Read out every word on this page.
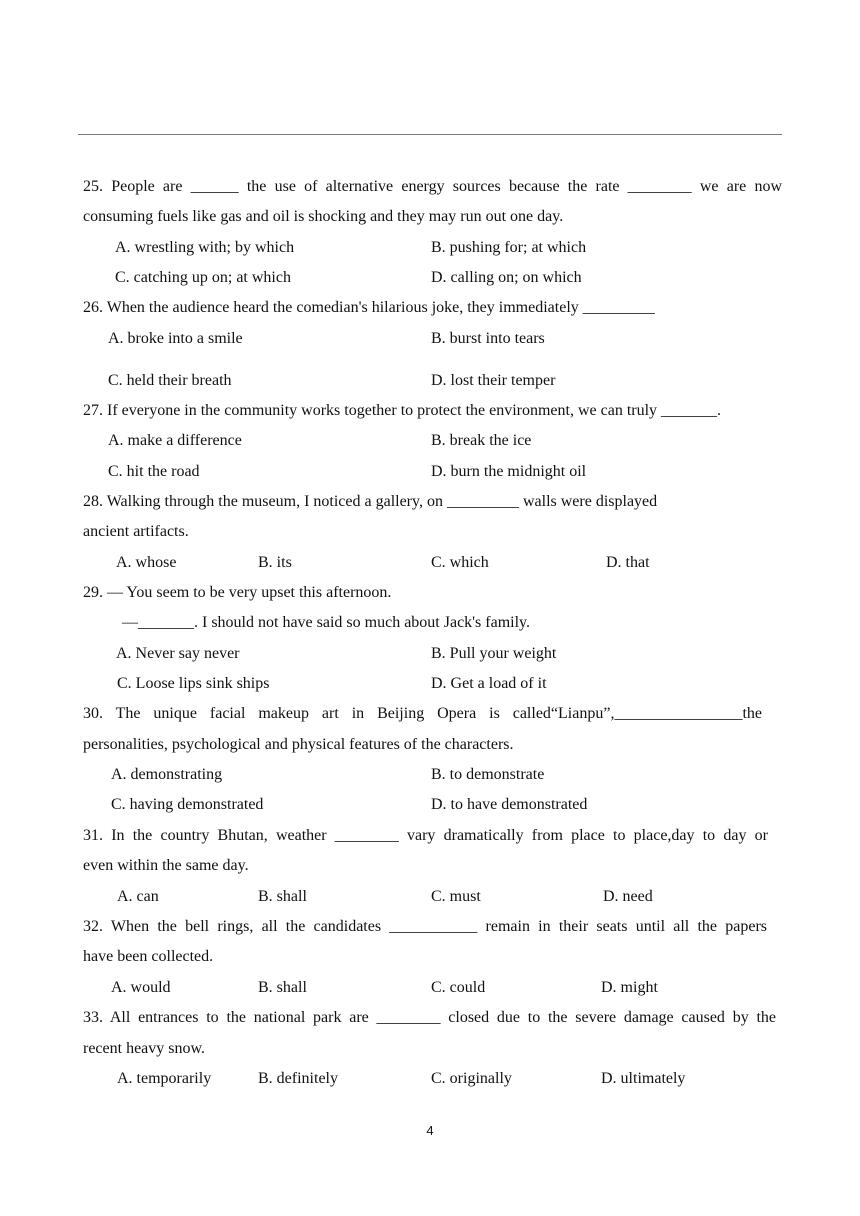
25. People are ______ the use of alternative energy sources because the rate ________ we are now
consuming fuels like gas and oil is shocking and they may run out one day.
A. wrestling with; by which	B. pushing for; at which
C. catching up on; at which	D. calling on; on which
26. When the audience heard the comedian's hilarious joke, they immediately _________
A. broke into a smile	B. burst into tears
C. held their breath	D. lost their temper
27. If everyone in the community works together to protect the environment, we can truly _______.
A. make a difference	B. break the ice
C. hit the road	D. burn the midnight oil
28. Walking through the museum, I noticed a gallery, on _________ walls were displayed
ancient artifacts.
A. whose	B. its	C. which	D. that
29. — You seem to be very upset this afternoon.
—_______. I should not have said so much about Jack's family.
A. Never say never	B. Pull your weight
C. Loose lips sink ships	D. Get a load of it
30. The unique facial makeup art in Beijing Opera is called“Lianpu”,________________the
personalities, psychological and physical features of the characters.
A. demonstrating	B. to demonstrate
C. having demonstrated	D. to have demonstrated
31. In the country Bhutan, weather ________ vary dramatically from place to place,day to day or
even within the same day.
A. can	B. shall	C. must	D. need
32. When the bell rings, all the candidates ___________ remain in their seats until all the papers
have been collected.
A. would	B. shall	C. could	D. might
33. All entrances to the national park are ________ closed due to the severe damage caused by the
recent heavy snow.
A. temporarily	B. definitely	C. originally	D. ultimately
4
